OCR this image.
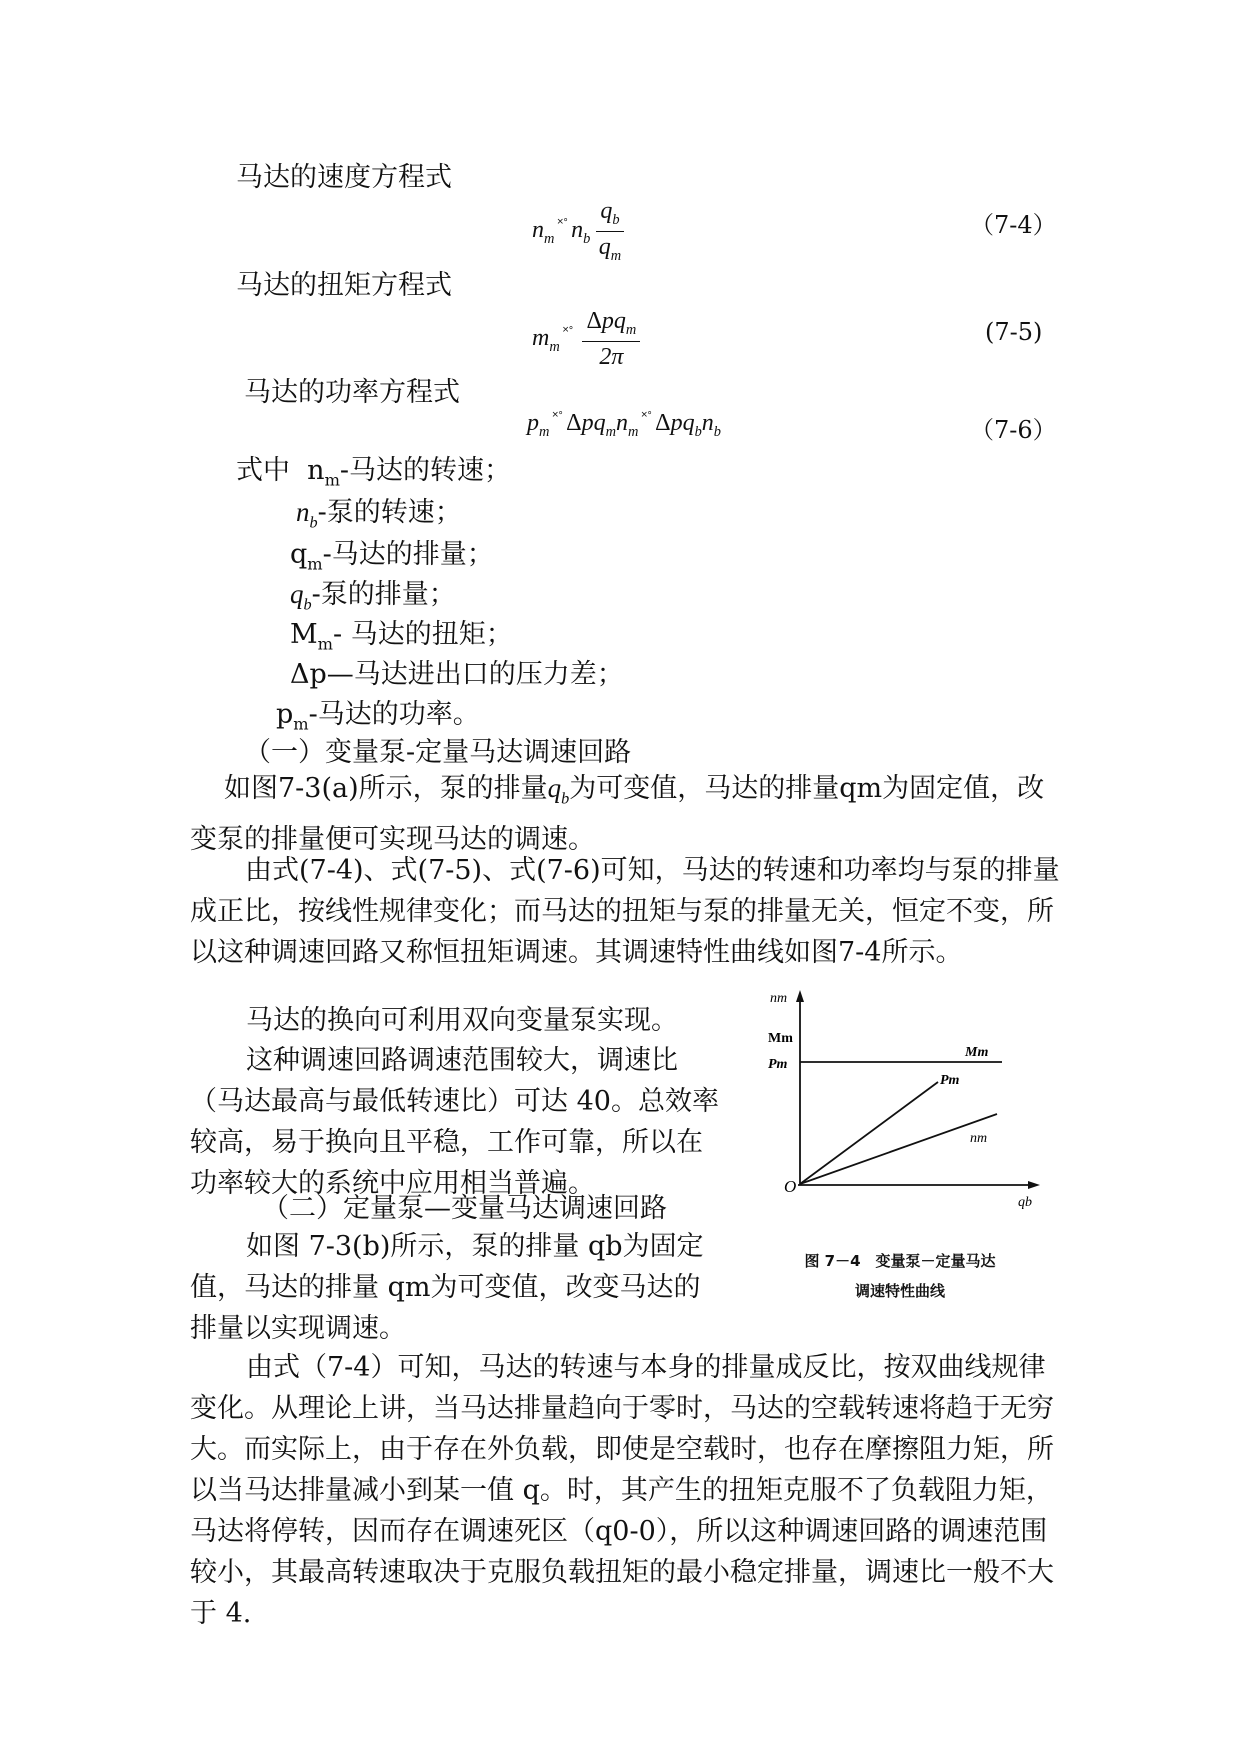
马达的速度方程式
马达的扭矩方程式
马达的功率方程式
$n_m^{˟˚}$ $n_b \frac{q_b}{q_m}$	（7-4）
$m_m^{˟˚} \frac{\Delta pq_m}{2\pi}$	(7-5)
$p_m^{˟˚}$ $\Delta pq_mn_m^{˟˚}$ $\Delta pq_bn_b$	（7-6）
式中  $n_m-$马达的转速；
$n_b-$泵的转速；
$q_m-$马达的排量；
$q_b-$泵的排量；
$M_m-$ 马达的扭矩；
Δp—马达进出口的压力差；
$p_m-$马达的功率。
（一）变量泵-定量马达调速回路
如图7-3(a)所示，泵的排量$q_b$为可变值，马达的排量qm为固定值，改变泵的排量便可实现马达的调速。
由式(7-4)、式(7-5)、式(7-6)可知，马达的转速和功率均与泵的排量成正比，按线性规律变化；而马达的扭矩与泵的排量无关，恒定不变，所以这种调速回路又称恒扭矩调速。其调速特性曲线如图7-4所示。
马达的换向可利用双向变量泵实现。
这种调速回路调速范围较大，调速比（马达最高与最低转速比）可达 40。总效率较高，易于换向且平稳，工作可靠，所以在功率较大的系统中应用相当普遍。
（二）定量泵—变量马达调速回路
如图 7-3(b)所示，泵的排量 qb为固定值，马达的排量 qm为可变值，改变马达的排量以实现调速。
由式（7-4）可知，马达的转速与本身的排量成反比，按双曲线规律变化。从理论上讲，当马达排量趋向于零时，马达的空载转速将趋于无穷大。而实际上，由于存在外负载，即使是空载时，也存在摩擦阻力矩，所以当马达排量减小到某一值 q。时，其产生的扭矩克服不了负载阻力矩，马达将停转，因而存在调速死区（q0-0），所以这种调速回路的调速范围较小，其最高转速取决于克服负载扭矩的最小稳定排量，调速比一般不大于 4.
nm
Mm
Pm
O
qb
Mm
Pm
nm
图 7－4　变量泵－定量马达
调速特性曲线
